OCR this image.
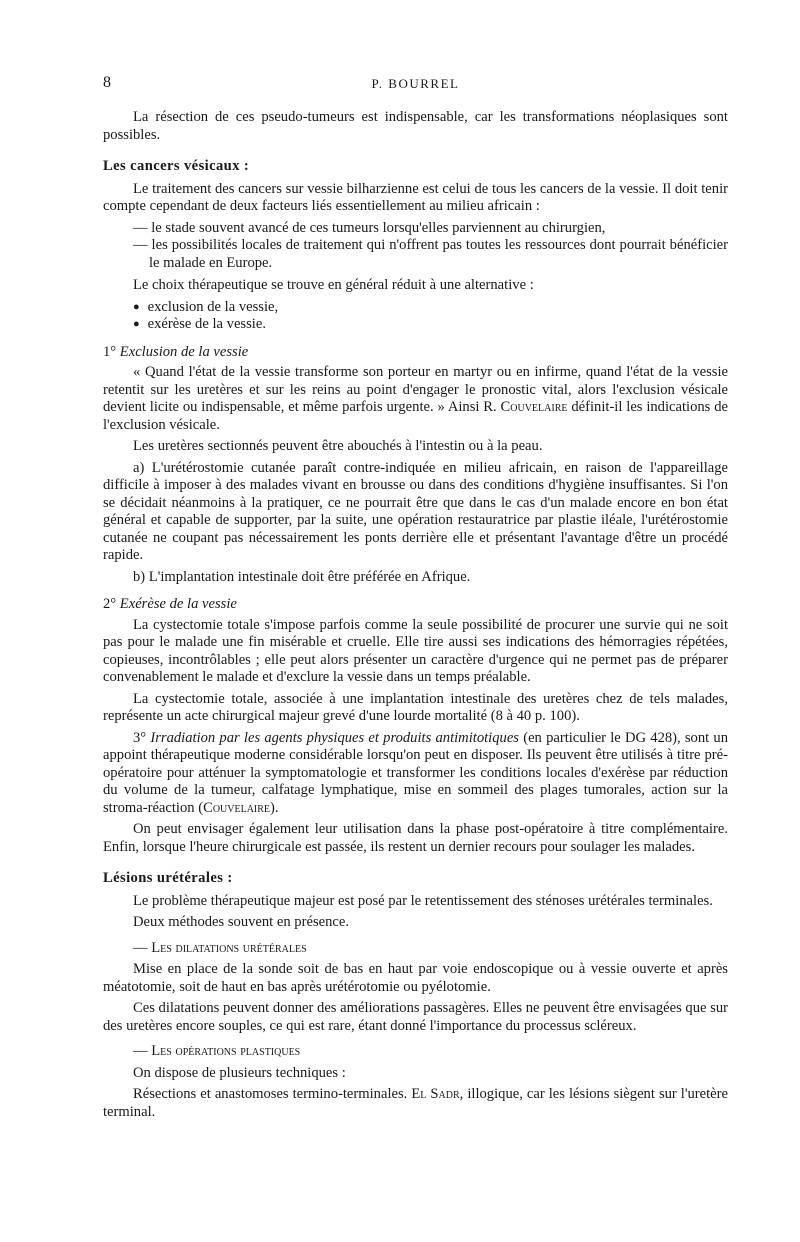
8	P. BOURREL

La résection de ces pseudo-tumeurs est indispensable, car les transformations néoplasiques sont possibles.

Les cancers vésicaux :

Le traitement des cancers sur vessie bilharzienne est celui de tous les cancers de la vessie. Il doit tenir compte cependant de deux facteurs liés essentiellement au milieu africain :

— le stade souvent avancé de ces tumeurs lorsqu'elles parviennent au chirurgien,

— les possibilités locales de traitement qui n'offrent pas toutes les ressources dont pourrait bénéficier le malade en Europe.

Le choix thérapeutique se trouve en général réduit à une alternative :

● exclusion de la vessie,
● exérèse de la vessie.

1° Exclusion de la vessie

« Quand l'état de la vessie transforme son porteur en martyr ou en infirme, quand l'état de la vessie retentit sur les uretères et sur les reins au point d'engager le pronostic vital, alors l'exclusion vésicale devient licite ou indispensable, et même parfois urgente. » Ainsi R. Couvelaire définit-il les indications de l'exclusion vésicale.

Les uretères sectionnés peuvent être abouchés à l'intestin ou à la peau.

a) L'urétérostomie cutanée paraît contre-indiquée en milieu africain, en raison de l'appareillage difficile à imposer à des malades vivant en brousse ou dans des conditions d'hygiène insuffisantes. Si l'on se décidait néanmoins à la pratiquer, ce ne pourrait être que dans le cas d'un malade encore en bon état général et capable de supporter, par la suite, une opération restauratrice par plastie iléale, l'urétérostomie cutanée ne coupant pas nécessairement les ponts derrière elle et présentant l'avantage d'être un procédé rapide.

b) L'implantation intestinale doit être préférée en Afrique.

2° Exérèse de la vessie

La cystectomie totale s'impose parfois comme la seule possibilité de procurer une survie qui ne soit pas pour le malade une fin misérable et cruelle. Elle tire aussi ses indications des hémorragies répétées, copieuses, incontrôlables ; elle peut alors présenter un caractère d'urgence qui ne permet pas de préparer convenablement le malade et d'exclure la vessie dans un temps préalable.

La cystectomie totale, associée à une implantation intestinale des uretères chez de tels malades, représente un acte chirurgical majeur grevé d'une lourde mortalité (8 à 40 p. 100).

3° Irradiation par les agents physiques et produits antimitotiques (en particulier le DG 428), sont un appoint thérapeutique moderne considérable lorsqu'on peut en disposer. Ils peuvent être utilisés à titre pré-opératoire pour atténuer la symptomatologie et transformer les conditions locales d'exérèse par réduction du volume de la tumeur, calfatage lymphatique, mise en sommeil des plages tumorales, action sur la stroma-réaction (Couvelaire).

On peut envisager également leur utilisation dans la phase post-opératoire à titre complémentaire. Enfin, lorsque l'heure chirurgicale est passée, ils restent un dernier recours pour soulager les malades.

Lésions urétérales :

Le problème thérapeutique majeur est posé par le retentissement des sténoses urétérales terminales.

Deux méthodes souvent en présence.

— Les dilatations urétérales

Mise en place de la sonde soit de bas en haut par voie endoscopique ou à vessie ouverte et après méatotomie, soit de haut en bas après urétérotomie ou pyélotomie.

Ces dilatations peuvent donner des améliorations passagères. Elles ne peuvent être envisagées que sur des uretères encore souples, ce qui est rare, étant donné l'importance du processus scléreux.

— Les opérations plastiques

On dispose de plusieurs techniques :

Résections et anastomoses termino-terminales. El Sadr, illogique, car les lésions siègent sur l'uretère terminal.
